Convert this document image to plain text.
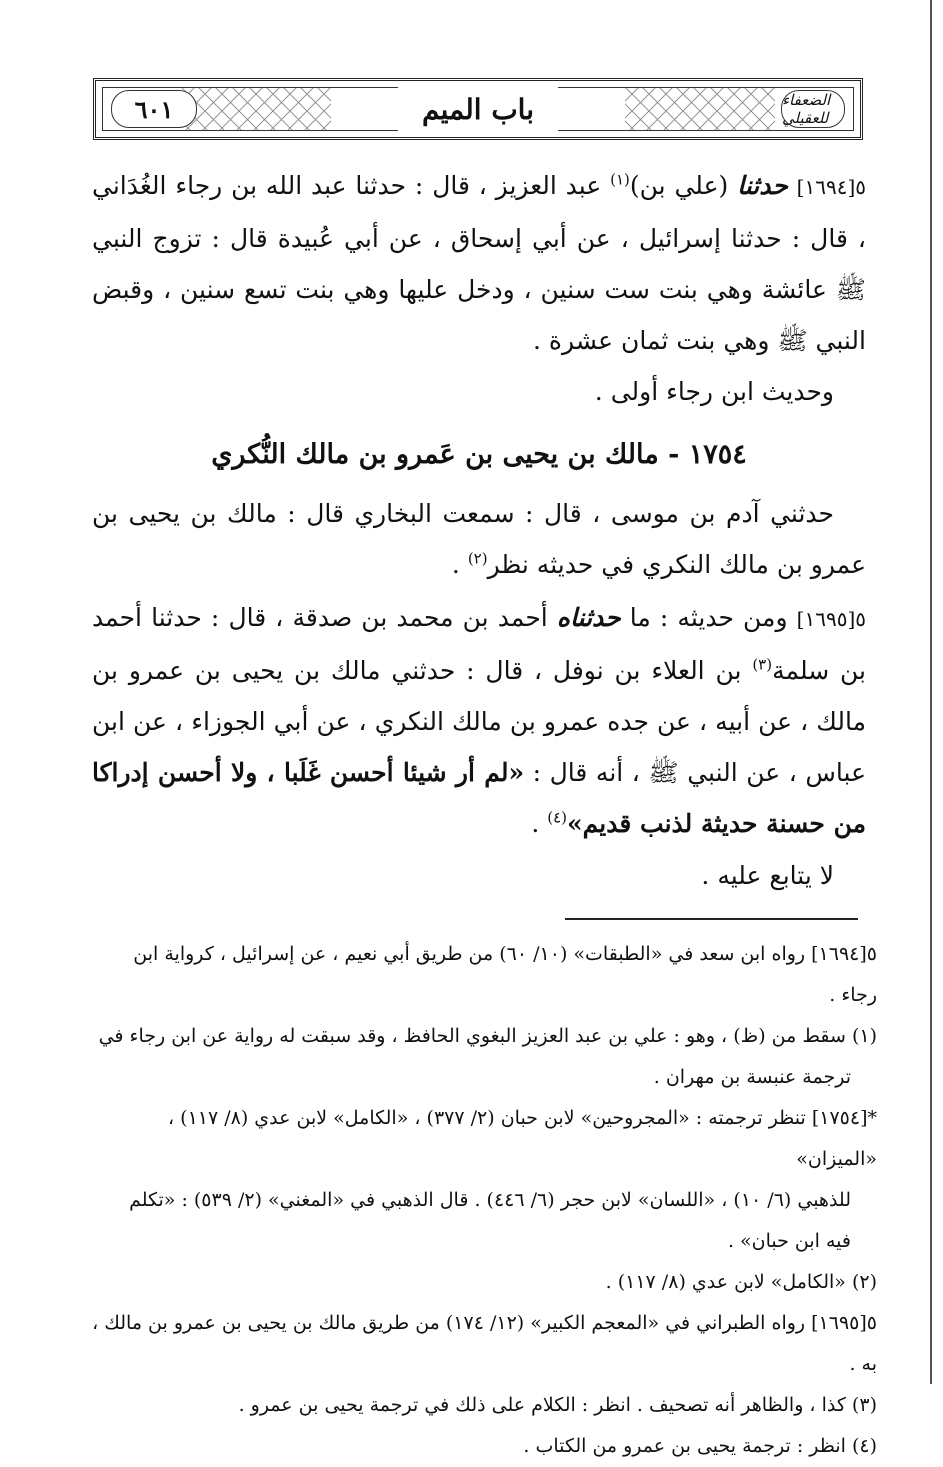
٦٠١	باب الميم	الضعفاء للعقيلي

٥[١٦٩٤] حدثنا (علي بن)$^{(١)}$ عبد العزيز ، قال : حدثنا عبد الله بن رجاء الغُدَاني ، قال : حدثنا إسرائيل ، عن أبي إسحاق ، عن أبي عُبيدة قال : تزوج النبي ﷺ عائشة وهي بنت ست سنين ، ودخل عليها وهي بنت تسع سنين ، وقبض النبي ﷺ وهي بنت ثمان عشرة .

وحديث ابن رجاء أولى .

١٧٥٤ - مالك بن يحيى بن عَمرو بن مالك النُّكري

حدثني آدم بن موسى ، قال : سمعت البخاري قال : مالك بن يحيى بن عمرو بن مالك النكري في حديثه نظر$^{(٢)}$ .

٥[١٦٩٥] ومن حديثه : ما حدثناه أحمد بن محمد بن صدقة ، قال : حدثنا أحمد بن سلمة$^{(٣)}$ بن العلاء بن نوفل ، قال : حدثني مالك بن يحيى بن عمرو بن مالك ، عن أبيه ، عن جده عمرو بن مالك النكري ، عن أبي الجوزاء ، عن ابن عباس ، عن النبي ﷺ ، أنه قال : «لم أر شيئا أحسن غَلَبا ، ولا أحسن إدراكا من حسنة حديثة لذنب قديم»$^{(٤)}$ .

لا يتابع عليه .

٥[١٦٩٤] رواه ابن سعد في «الطبقات» (١٠/ ٦٠) من طريق أبي نعيم ، عن إسرائيل ، كرواية ابن رجاء .

(١) سقط من (ظ) ، وهو : علي بن عبد العزيز البغوي الحافظ ، وقد سبقت له رواية عن ابن رجاء في

ترجمة عنبسة بن مهران .

*[١٧٥٤] تنظر ترجمته : «المجروحين» لابن حبان (٢/ ٣٧٧) ، «الكامل» لابن عدي (٨/ ١١٧) ، «الميزان»

للذهبي (٦/ ١٠) ، «اللسان» لابن حجر (٦/ ٤٤٦) . قال الذهبي في «المغني» (٢/ ٥٣٩) : «تكلم

فيه ابن حبان» .

(٢) «الكامل» لابن عدي (٨/ ١١٧) .

٥[١٦٩٥] رواه الطبراني في «المعجم الكبير» (١٢/ ١٧٤) من طريق مالك بن يحيى بن عمرو بن مالك ، به .

(٣) كذا ، والظاهر أنه تصحيف . انظر : الكلام على ذلك في ترجمة يحيى بن عمرو .

(٤) انظر : ترجمة يحيى بن عمرو من الكتاب .
